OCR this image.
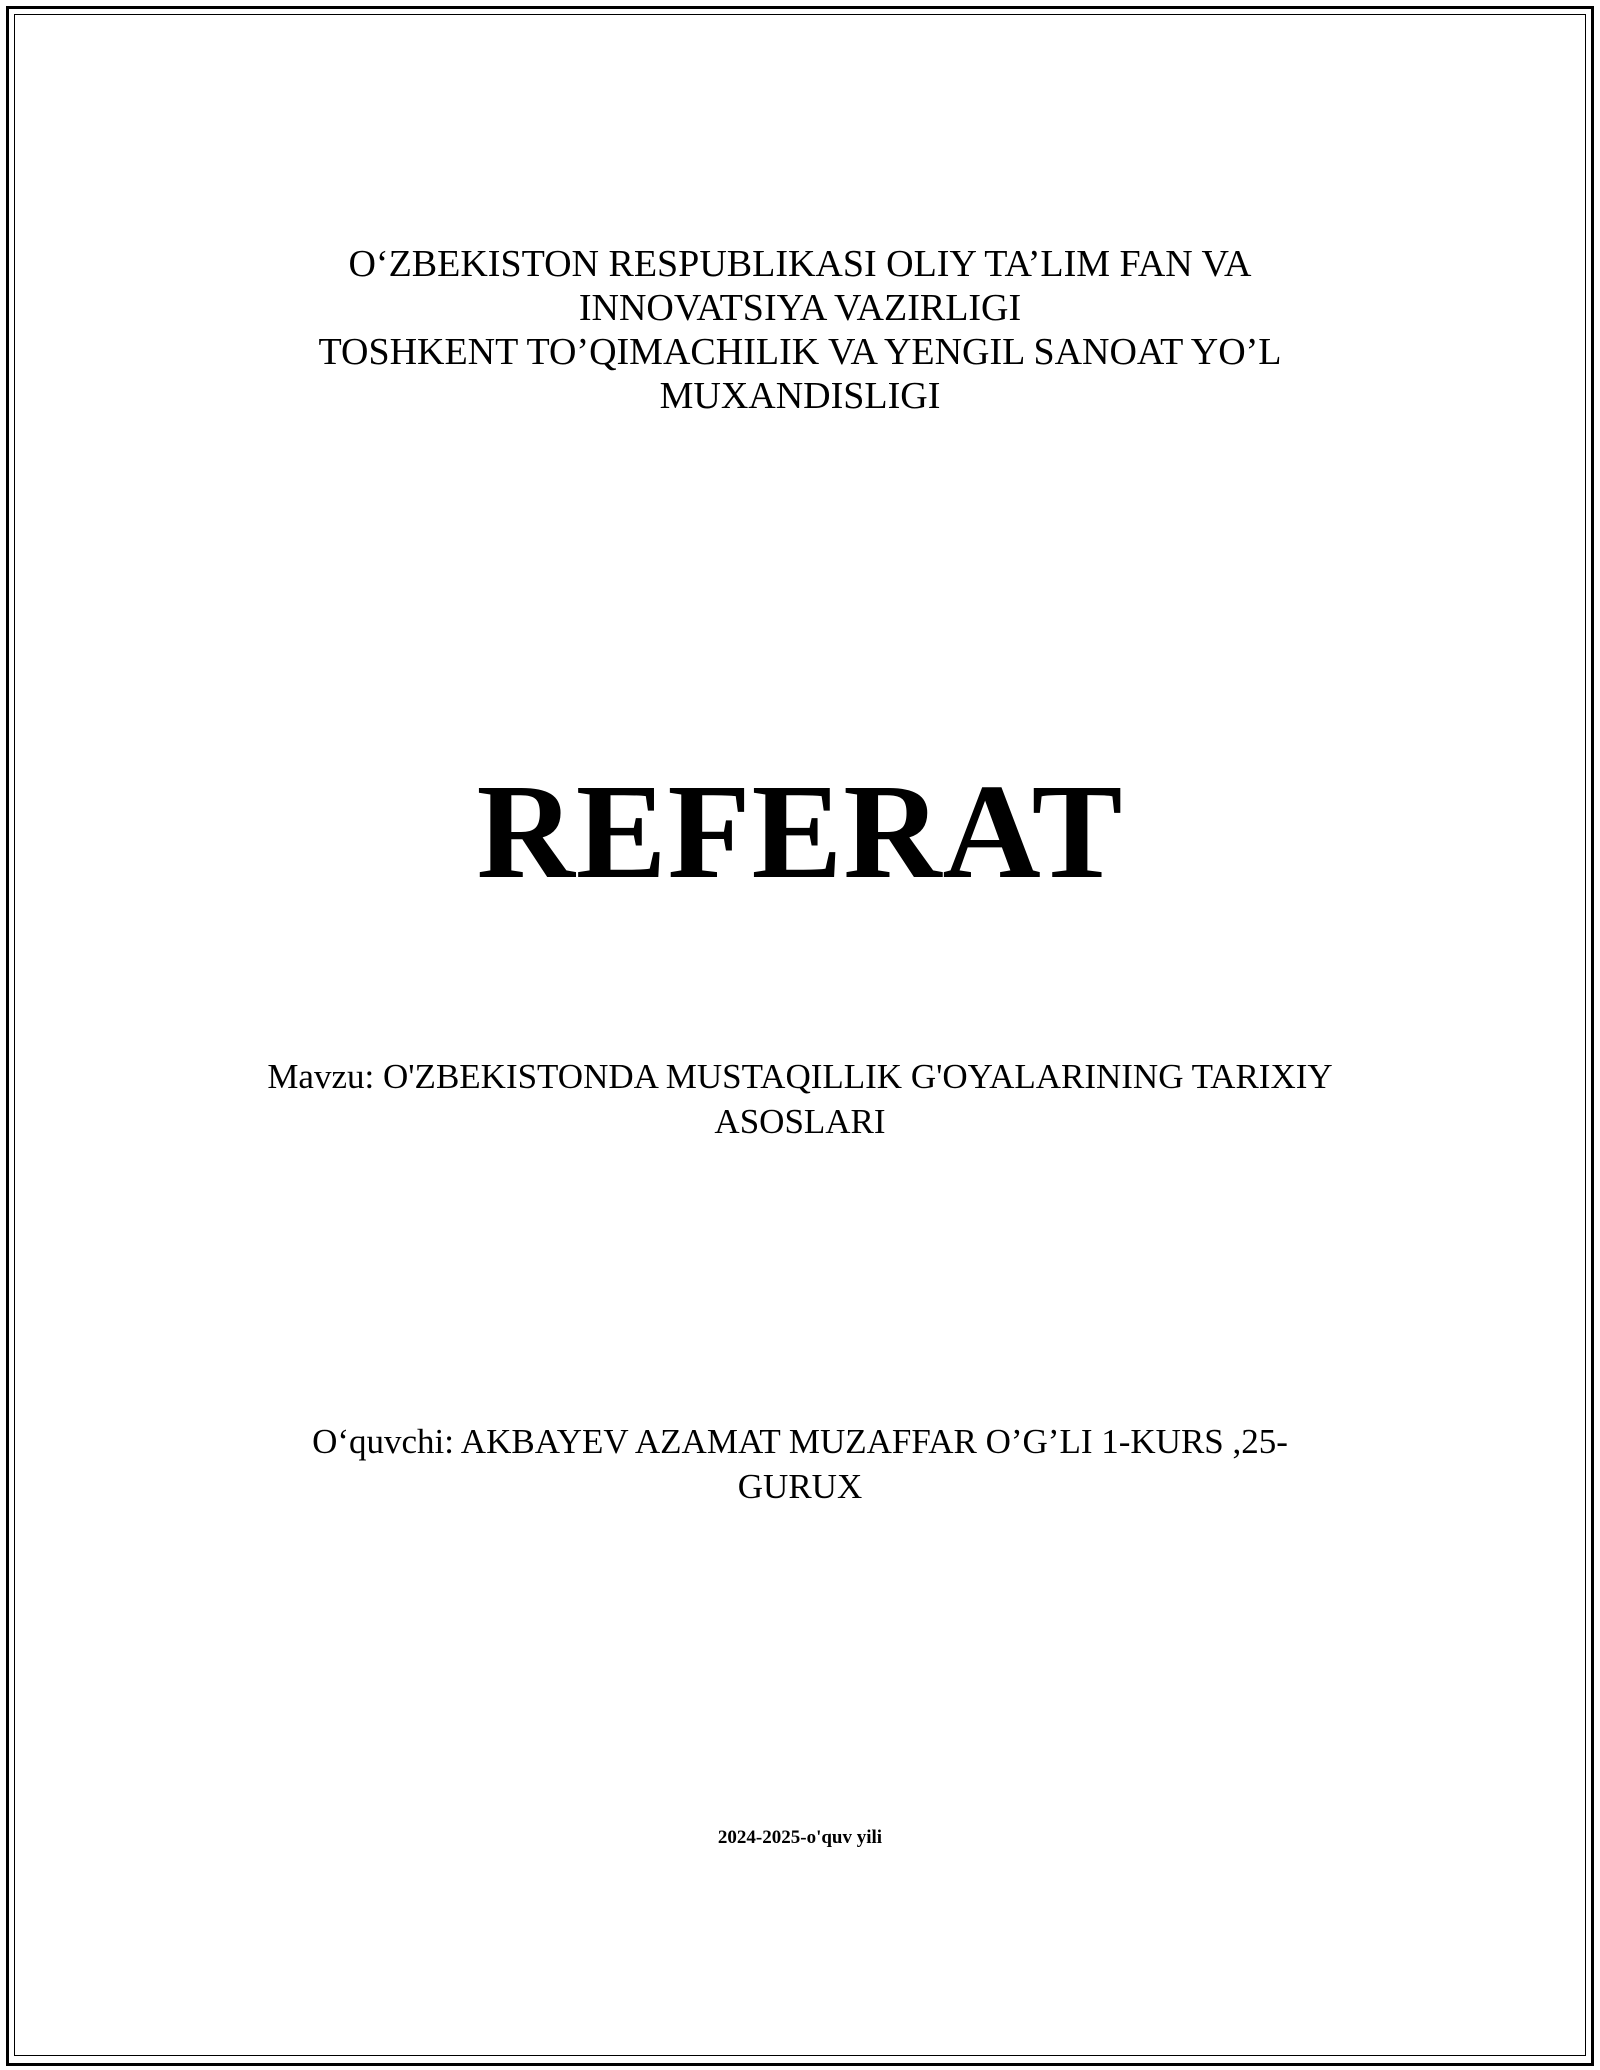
O‘ZBEKISTON RESPUBLIKASI OLIY TA’LIM FAN VA
INNOVATSIYA VAZIRLIGI
TOSHKENT TO’QIMACHILIK VA YENGIL SANOAT YO’L
MUXANDISLIGI
REFERAT
Mavzu: O'ZBEKISTONDA MUSTAQILLIK G'OYALARINING TARIXIY
ASOSLARI
O‘quvchi: AKBAYEV AZAMAT MUZAFFAR O’G’LI 1-KURS ,25-
GURUX
2024-2025-o'quv yili
